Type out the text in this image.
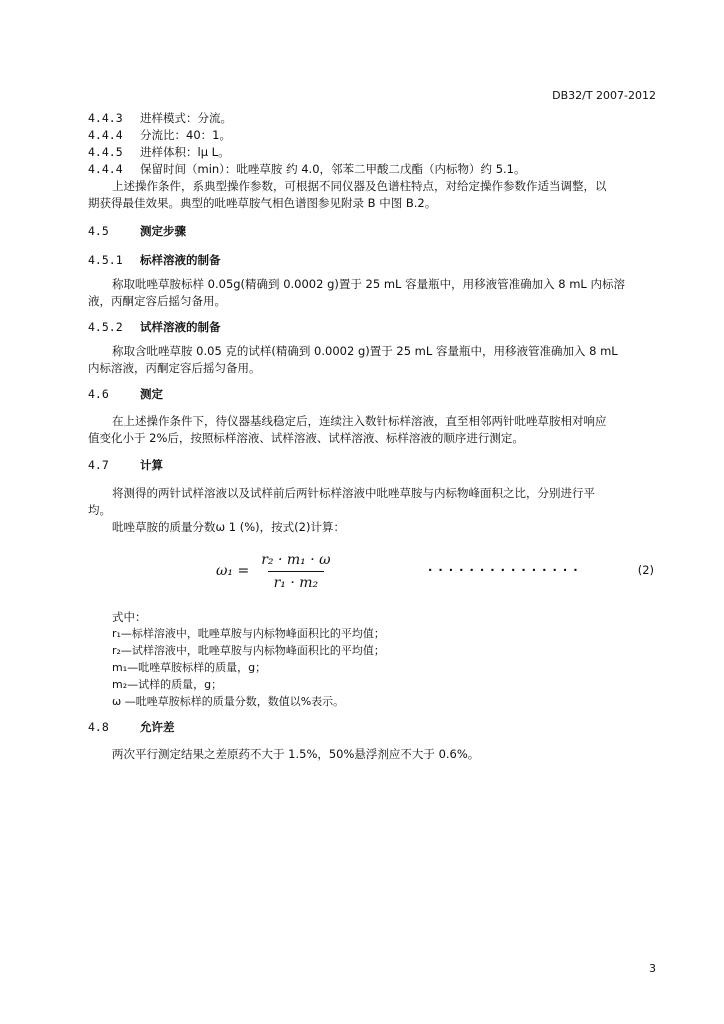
DB32/T 2007-2012
4.4.3 进样模式：分流。
4.4.4 分流比：40：1。
4.4.5 进样体积：lμ L。
4.4.4 保留时间（min）：吡唑草胺 约 4.0，邻苯二甲酸二戊酯（内标物）约 5.1。
上述操作条件，系典型操作参数，可根据不同仪器及色谱柱特点，对给定操作参数作适当调整，以
期获得最佳效果。典型的吡唑草胺气相色谱图参见附录 B 中图 B.2。
4.5	测定步骤
4.5.1 标样溶液的制备
称取吡唑草胺标样 0.05g(精确到 0.0002 g)置于 25 mL 容量瓶中，用移液管准确加入 8 mL 内标溶
液，丙酮定容后摇匀备用。
4.5.2 试样溶液的制备
称取含吡唑草胺 0.05 克的试样(精确到 0.0002 g)置于 25 mL 容量瓶中，用移液管准确加入 8 mL
内标溶液，丙酮定容后摇匀备用。
4.6	测定
在上述操作条件下，待仪器基线稳定后，连续注入数针标样溶液，直至相邻两针吡唑草胺相对响应
值变化小于 2%后，按照标样溶液、试样溶液、试样溶液、标样溶液的顺序进行测定。
4.7	计算
将测得的两针试样溶液以及试样前后两针标样溶液中吡唑草胺与内标物峰面积之比，分别进行平
均。
吡唑草胺的质量分数ω 1 (%)，按式(2)计算：
$\omega_1 = \frac{\text{r₂ · m₁ · ω}}{\text{r₁ · m₂}}$	· · · · · · · · · · · · · · ·	(2)
式中：
r₁—标样溶液中，吡唑草胺与内标物峰面积比的平均值；
r₂—试样溶液中，吡唑草胺与内标物峰面积比的平均值；
m₁—吡唑草胺标样的质量，g；
m₂—试样的质量，g；
ω —吡唑草胺标样的质量分数，数值以%表示。
4.8	允许差
两次平行测定结果之差原药不大于 1.5%，50%悬浮剂应不大于 0.6%。
3
